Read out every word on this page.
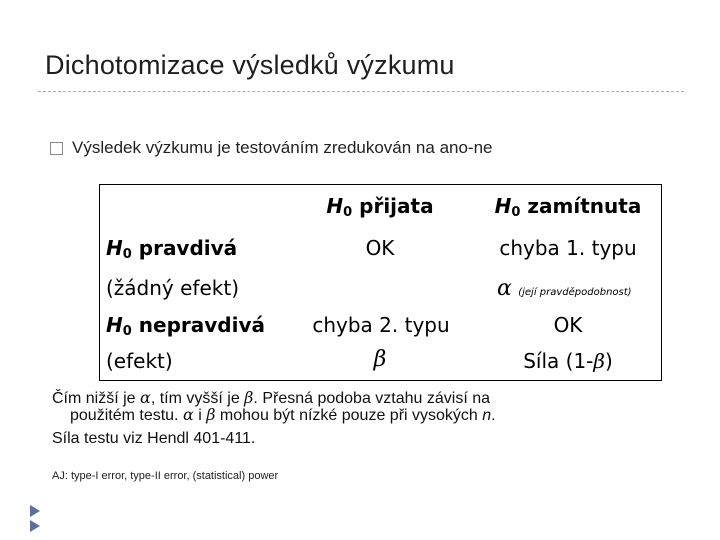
Dichotomizace výsledků výzkumu
Výsledek výzkumu je testováním zredukován na ano-ne
$H_0$ přijata	$H_0$ zamítnuta
$H_0$ pravdivá
(žádný efekt)
OK	chyba 1. typu
α (její pravděpodobnost)
$H_0$ nepravdivá
(efekt)
chyba 2. typu
β
OK
Síla (1-β)
Čím nižší je α, tím vyšší je β. Přesná podoba vztahu závisí na
použitém testu. α i β mohou být nízké pouze při vysokých n.
Síla testu viz Hendl 401-411.
AJ: type-I error, type-II error, (statistical) power
